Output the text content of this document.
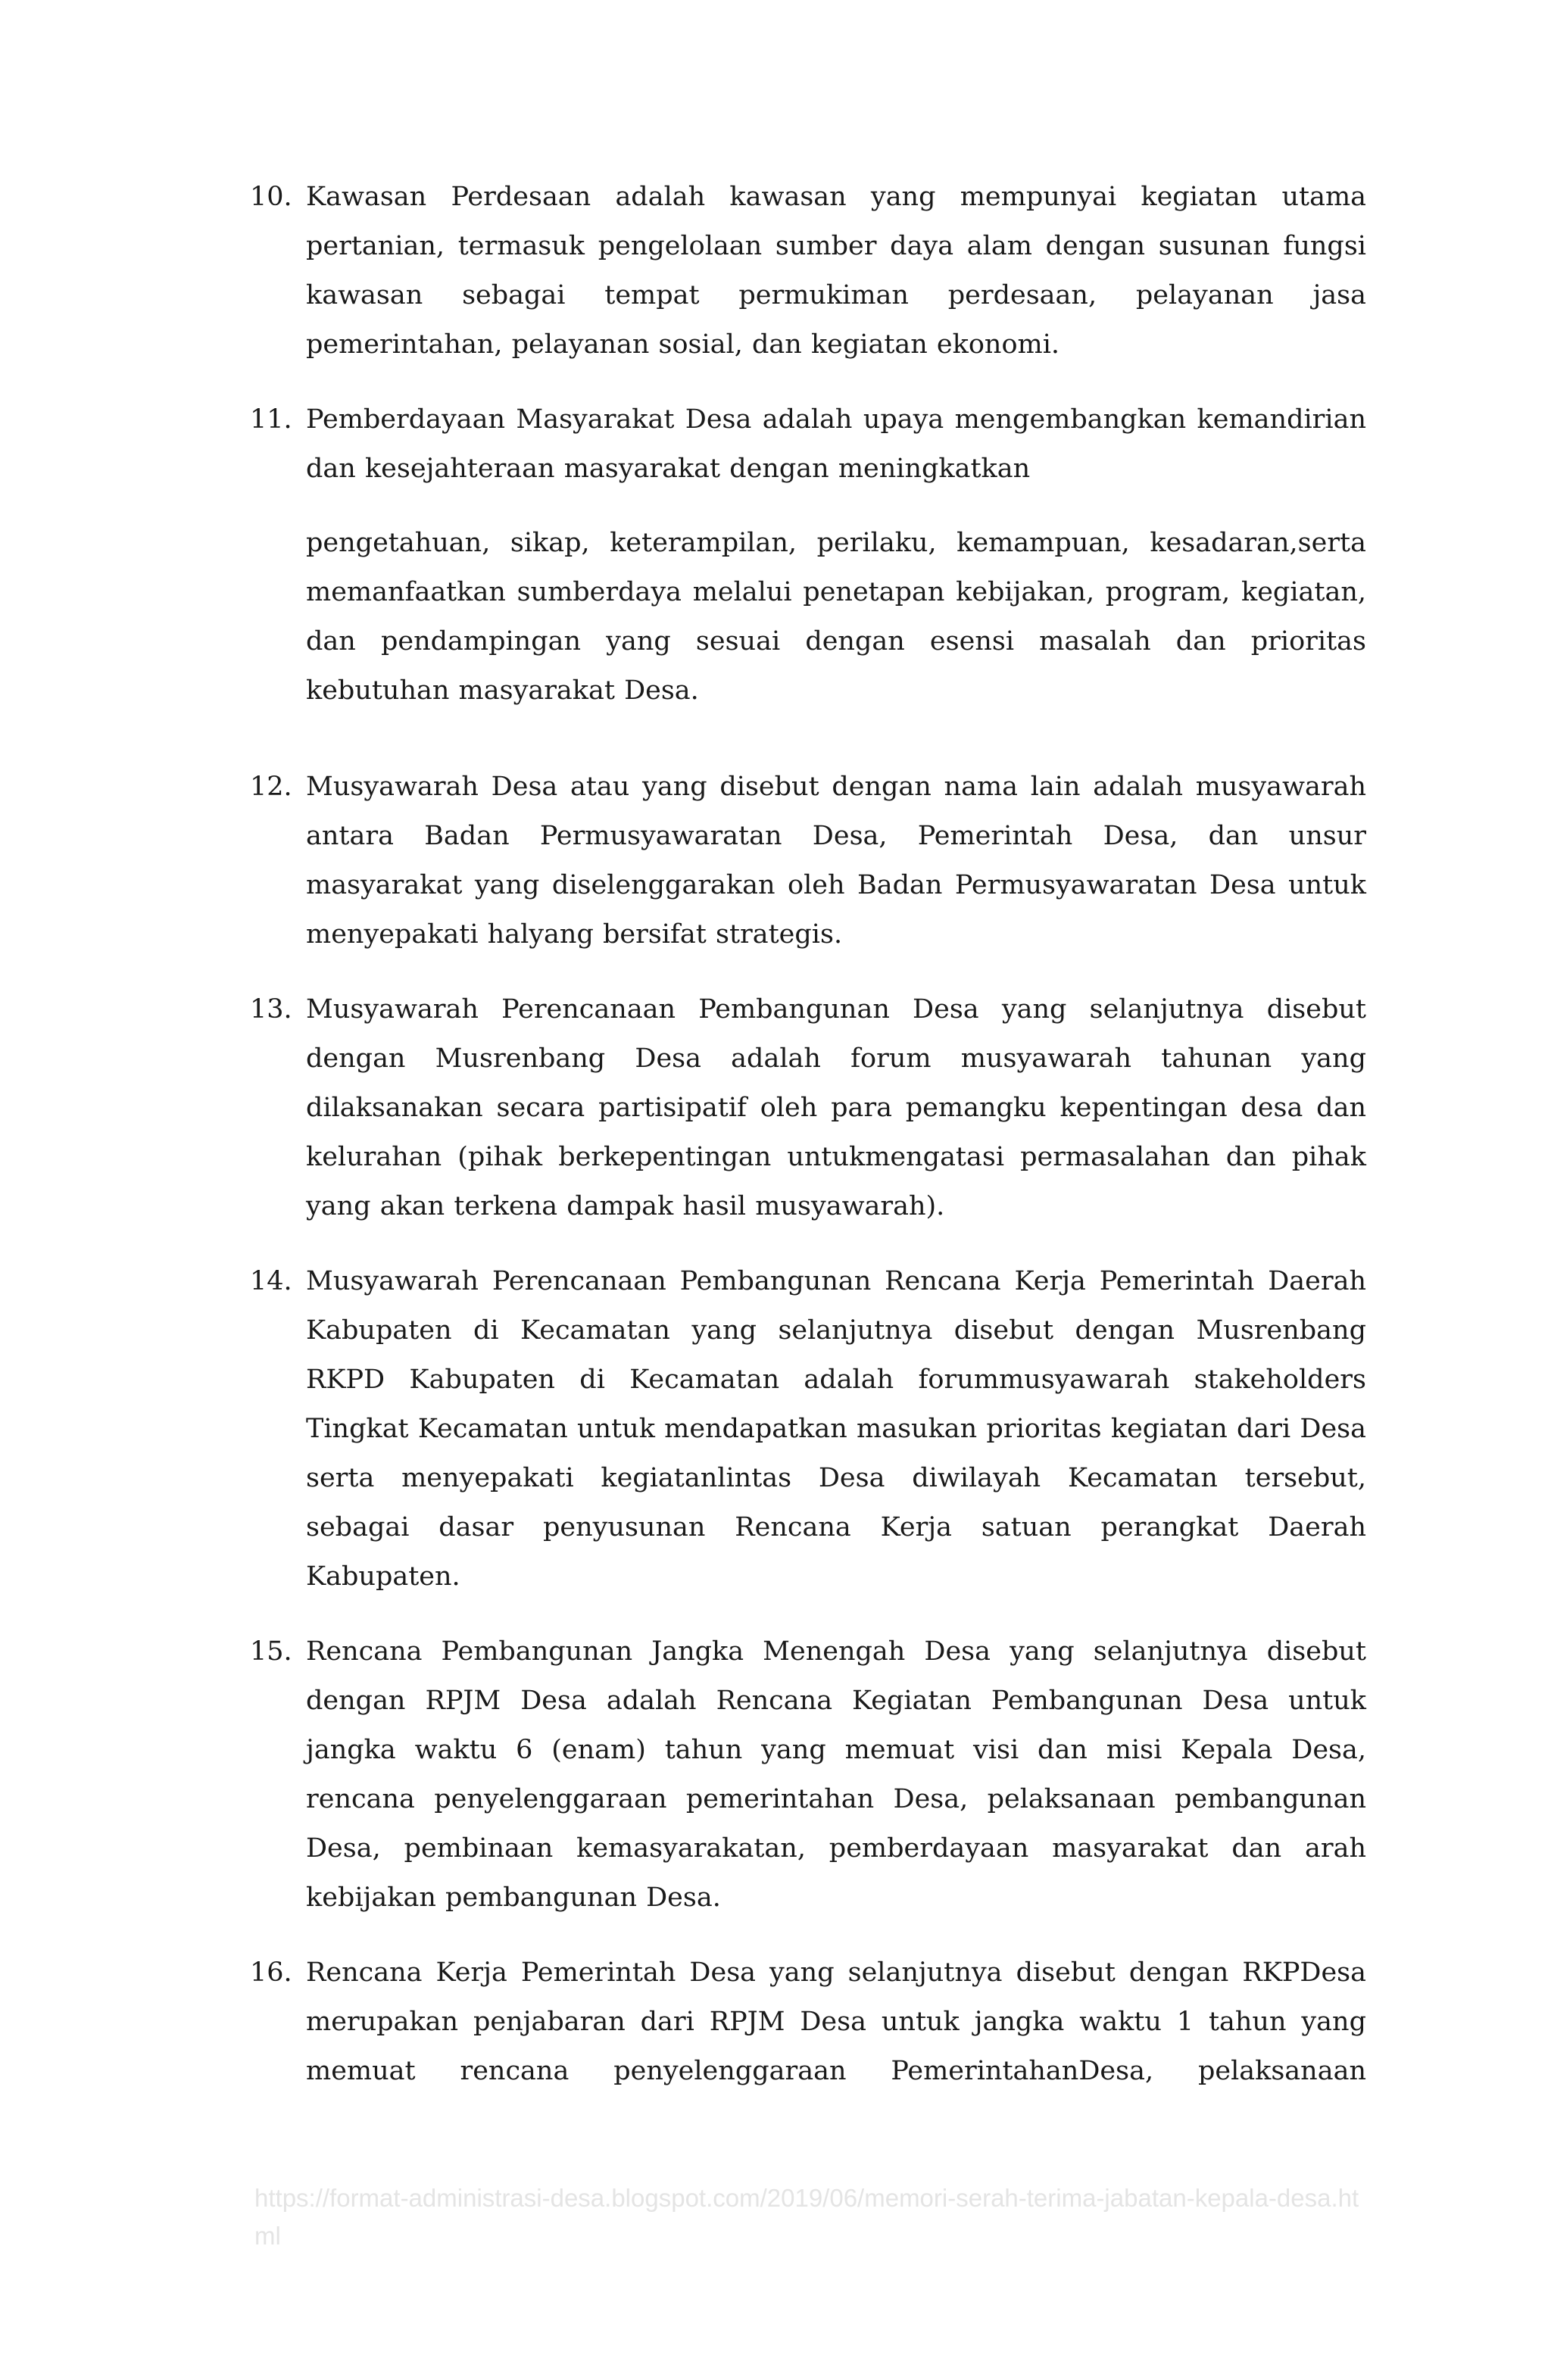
10. Kawasan Perdesaan adalah kawasan yang mempunyai kegiatan utama pertanian, termasuk pengelolaan sumber daya alam dengan susunan fungsi kawasan sebagai tempat permukiman perdesaan, pelayanan jasa pemerintahan, pelayanan sosial, dan kegiatan ekonomi.

11. Pemberdayaan Masyarakat Desa adalah upaya mengembangkan kemandirian dan kesejahteraan masyarakat dengan meningkatkan

pengetahuan, sikap, keterampilan, perilaku, kemampuan, kesadaran,serta memanfaatkan sumberdaya melalui penetapan kebijakan, program, kegiatan, dan pendampingan yang sesuai dengan esensi masalah dan prioritas kebutuhan masyarakat Desa.

12. Musyawarah Desa atau yang disebut dengan nama lain adalah musyawarah antara Badan Permusyawaratan Desa, Pemerintah Desa, dan unsur masyarakat yang diselenggarakan oleh Badan Permusyawaratan Desa untuk menyepakati halyang bersifat strategis.

13. Musyawarah Perencanaan Pembangunan Desa yang selanjutnya disebut dengan Musrenbang Desa adalah forum musyawarah tahunan yang dilaksanakan secara partisipatif oleh para pemangku kepentingan desa dan kelurahan (pihak berkepentingan untukmengatasi permasalahan dan pihak yang akan terkena dampak hasil musyawarah).

14. Musyawarah Perencanaan Pembangunan Rencana Kerja Pemerintah Daerah Kabupaten di Kecamatan yang selanjutnya disebut dengan Musrenbang RKPD Kabupaten di Kecamatan adalah forummusyawarah stakeholders Tingkat Kecamatan untuk mendapatkan masukan prioritas kegiatan dari Desa serta menyepakati kegiatanlintas Desa diwilayah Kecamatan tersebut, sebagai dasar penyusunan Rencana Kerja satuan perangkat Daerah Kabupaten.

15. Rencana Pembangunan Jangka Menengah Desa yang selanjutnya disebut dengan RPJM Desa adalah Rencana Kegiatan Pembangunan Desa untuk jangka waktu 6 (enam) tahun yang memuat visi dan misi Kepala Desa, rencana penyelenggaraan pemerintahan Desa, pelaksanaan pembangunan Desa, pembinaan kemasyarakatan, pemberdayaan masyarakat dan arah kebijakan pembangunan Desa.

16. Rencana Kerja Pemerintah Desa yang selanjutnya disebut dengan RKPDesa merupakan penjabaran dari RPJM Desa untuk jangka waktu 1 tahun yang memuat rencana penyelenggaraan PemerintahanDesa, pelaksanaan

https://format-administrasi-desa.blogspot.com/2019/06/memori-serah-terima-jabatan-kepala-desa.html
